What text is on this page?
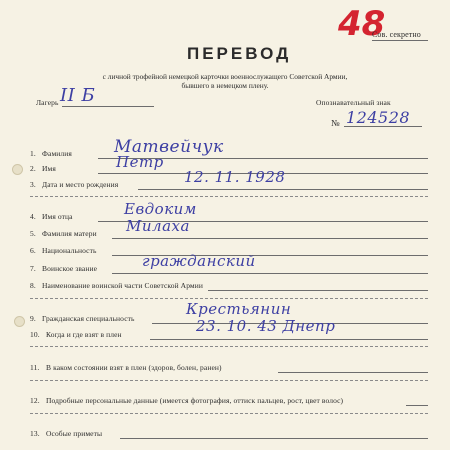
48
Сов. секретно
ПЕРЕВОД
с личной трофейной немецкой карточки военнослужащего Советской Армии,
бывшего в немецком плену.
Лагерь II Б	Опознавательный знак
№ 124528
1. Фамилия Матвейчук
2. Имя	Петр
3. Дата и место рождения	12. 11. 1928
4. Имя отца	Евдоким
5. Фамилия матери Милаха
6. Национальность
7. Воинское звание	гражданский
8. Наименование воинской части Советской Армии
9. Гражданская специальность
Крестьянин
10. Когда и где взят в плен	23. 10. 43 Днепр
11. В каком состоянии взят в плен (здоров, болен, ранен)
12. Подробные персональные данные (имеется фотография, оттиск пальцев, рост, цвет волос)
13. Особые приметы
